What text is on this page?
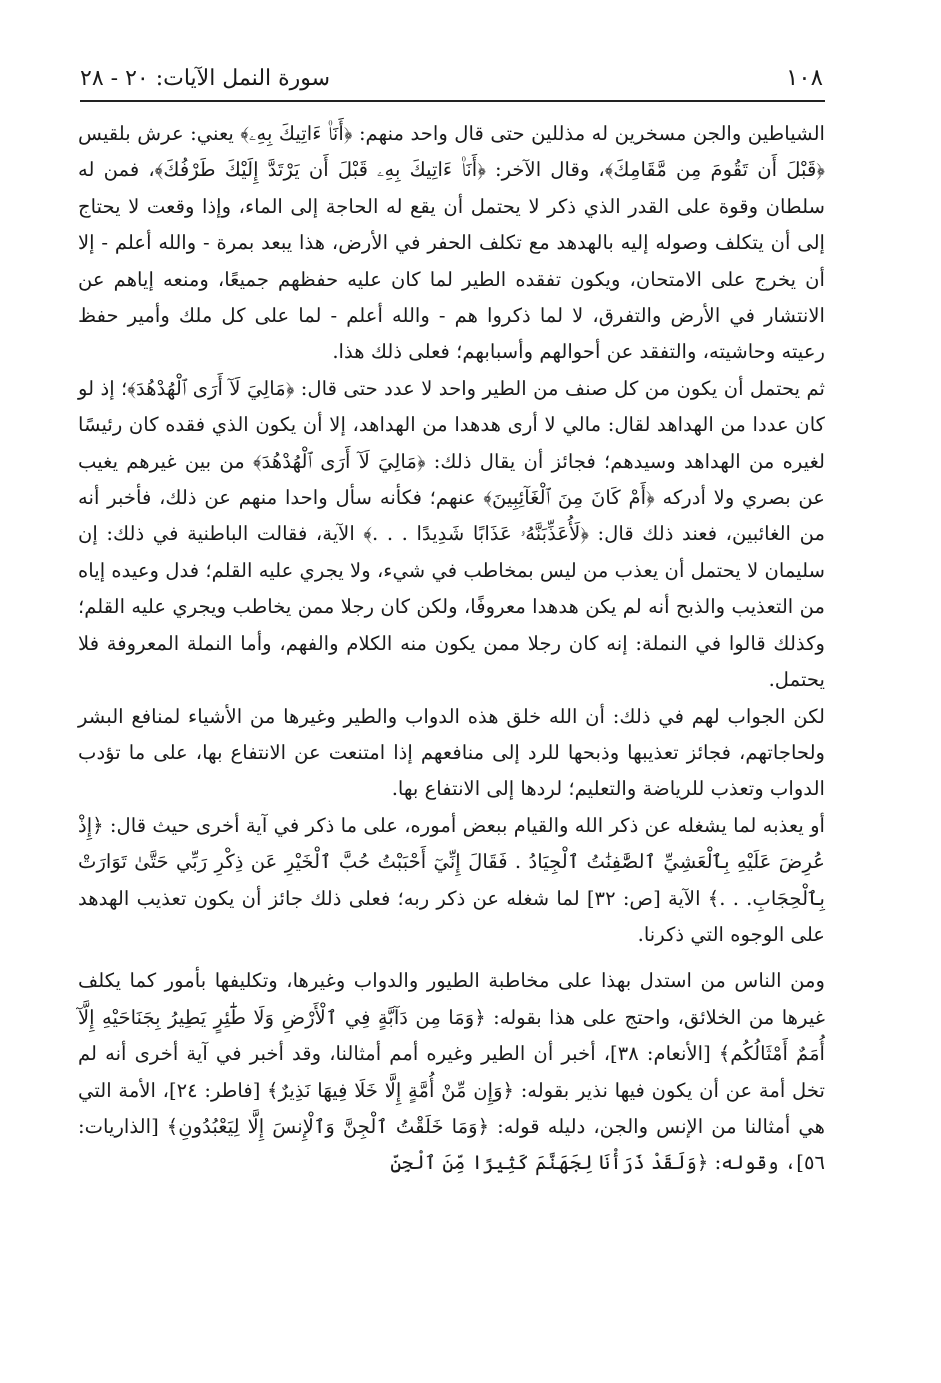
١٠٨
سورة النمل الآيات: ٢٠ - ٢٨

الشياطين والجن مسخرين له مذللين حتى قال واحد منهم: ﴿أَنَا۠ ءَاتِيكَ بِهِۦ﴾ يعني: عرش بلقيس ﴿قَبْلَ أَن تَقُومَ مِن مَّقَامِكَ﴾، وقال الآخر: ﴿أَنَا۠ ءَاتِيكَ بِهِۦ قَبْلَ أَن يَرْتَدَّ إِلَيْكَ طَرْفُكَ﴾، فمن له سلطان وقوة على القدر الذي ذكر لا يحتمل أن يقع له الحاجة إلى الماء، وإذا وقعت لا يحتاج إلى أن يتكلف وصوله إليه بالهدهد مع تكلف الحفر في الأرض، هذا يبعد بمرة - والله أعلم - إلا أن يخرج على الامتحان، ويكون تفقده الطير لما كان عليه حفظهم جميعًا، ومنعه إياهم عن الانتشار في الأرض والتفرق، لا لما ذكروا هم - والله أعلم - لما على كل ملك وأمير حفظ رعيته وحاشيته، والتفقد عن أحوالهم وأسبابهم؛ فعلى ذلك هذا.

ثم يحتمل أن يكون من كل صنف من الطير واحد لا عدد حتى قال: ﴿مَالِيَ لَآ أَرَى ٱلْهُدْهُدَ﴾؛ إذ لو كان عددا من الهداهد لقال: مالي لا أرى هدهدا من الهداهد، إلا أن يكون الذي فقده كان رئيسًا لغيره من الهداهد وسيدهم؛ فجائز أن يقال ذلك: ﴿مَالِيَ لَآ أَرَى ٱلْهُدْهُدَ﴾ من بين غيرهم يغيب عن بصري ولا أدركه ﴿أَمْ كَانَ مِنَ ٱلْغَآئِبِينَ﴾ عنهم؛ فكأنه سأل واحدا منهم عن ذلك، فأخبر أنه من الغائبين، فعند ذلك قال: ﴿لَأُعَذِّبَنَّهُۥ عَذَابًا شَدِيدًا . . .﴾ الآية، فقالت الباطنية في ذلك: إن سليمان لا يحتمل أن يعذب من ليس بمخاطب في شيء، ولا يجري عليه القلم؛ فدل وعيده إياه من التعذيب والذبح أنه لم يكن هدهدا معروفًا، ولكن كان رجلا ممن يخاطب ويجري عليه القلم؛ وكذلك قالوا في النملة: إنه كان رجلا ممن يكون منه الكلام والفهم، وأما النملة المعروفة فلا يحتمل.

لكن الجواب لهم في ذلك: أن الله خلق هذه الدواب والطير وغيرها من الأشياء لمنافع البشر ولحاجاتهم، فجائز تعذيبها وذبحها للرد إلى منافعهم إذا امتنعت عن الانتفاع بها، على ما تؤدب الدواب وتعذب للرياضة والتعليم؛ لردها إلى الانتفاع بها.

أو يعذبه لما يشغله عن ذكر الله والقيام ببعض أموره، على ما ذكر في آية أخرى حيث قال: ﴿إِذْ عُرِضَ عَلَيْهِ بِٱلْعَشِيِّ ٱلصَّٰفِنَٰتُ ٱلْجِيَادُ . فَقَالَ إِنِّيٓ أَحْبَبْتُ حُبَّ ٱلْخَيْرِ عَن ذِكْرِ رَبِّي حَتَّىٰ تَوَارَتْ بِٱلْحِجَابِ. . .﴾ الآية [ص: ٣٢] لما شغله عن ذكر ربه؛ فعلى ذلك جائز أن يكون تعذيب الهدهد على الوجوه التي ذكرنا.

ومن الناس من استدل بهذا على مخاطبة الطيور والدواب وغيرها، وتكليفها بأمور كما يكلف غيرها من الخلائق، واحتج على هذا بقوله: ﴿وَمَا مِن دَآبَّةٍ فِي ٱلْأَرْضِ وَلَا طَٰٓئِرٍ يَطِيرُ بِجَنَاحَيْهِ إِلَّآ أُمَمٌ أَمْثَالُكُم﴾ [الأنعام: ٣٨]، أخبر أن الطير وغيره أمم أمثالنا، وقد أخبر في آية أخرى أنه لم تخل أمة عن أن يكون فيها نذير بقوله: ﴿وَإِن مِّنْ أُمَّةٍ إِلَّا خَلَا فِيهَا نَذِيرٌ﴾ [فاطر: ٢٤]، الأمة التي هي أمثالنا من الإنس والجن، دليله قوله: ﴿وَمَا خَلَقْتُ ٱلْجِنَّ وَٱلْإِنسَ إِلَّا لِيَعْبُدُونِ﴾ [الذاريات: ٥٦]، وقوله: ﴿وَلَقَدْ ذَرَأْنَا لِجَهَنَّمَ كَثِيرًا مِّنَ ٱلْجِنِّ
